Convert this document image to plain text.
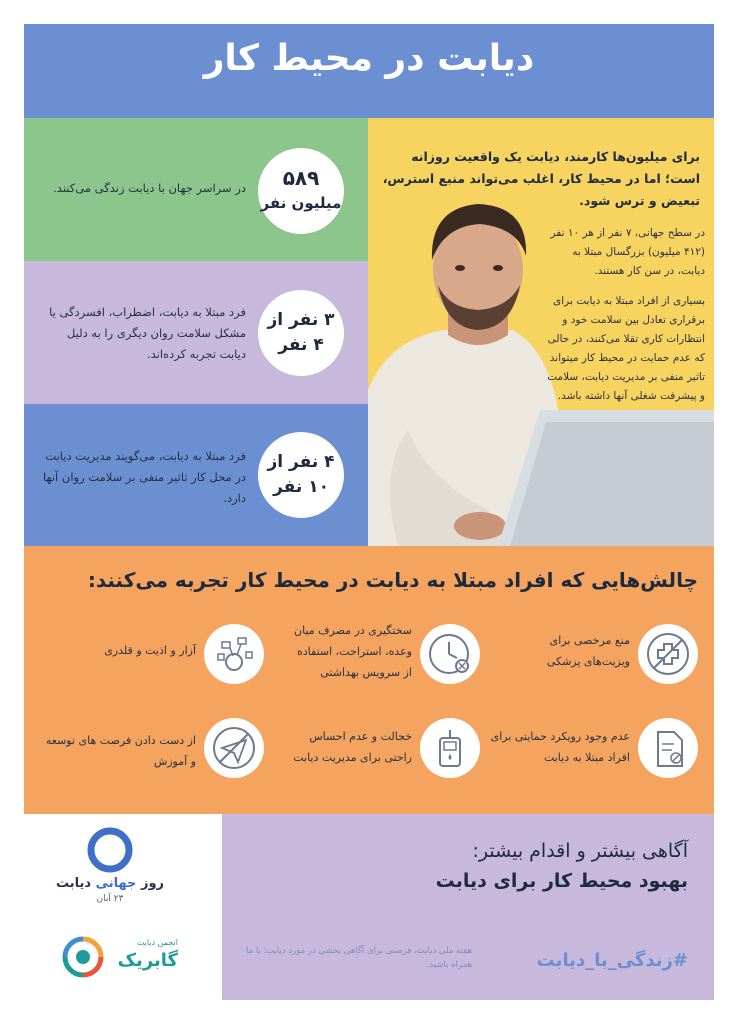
دیابت در محیط کار
۵۸۹
میلیون نفر

در سراسر جهان با دیابت زندگی می‌کنند.

۳ نفر از
۴ نفر

فرد مبتلا به دیابت، اضطراب، افسردگی یا مشکل سلامت روان دیگری را به دلیل دیابت تجربه کرده‌اند.

۴ نفر از
۱۰ نفر

فرد مبتلا به دیابت، می‌گویند مدیریت دیابت در محل کار تاثیر منفی بر سلامت روان آنها دارد.

برای میلیون‌ها کارمند، دیابت یک واقعیت روزانه است؛ اما در محیط کار، اغلب می‌تواند منبع استرس، تبعیض و ترس شود.

در سطح جهانی، ۷ نفر از هر ۱۰ نفر (۴۱۲ میلیون) بزرگسال مبتلا به دیابت، در سن کار هستند.

بسیاری از افراد مبتلا به دیابت برای برقراری تعادل بین سلامت خود و انتظارات کاری تقلا می‌کنند، در حالی که عدم حمایت در محیط کار میتواند تاثیر منفی بر مدیریت دیابت، سلامت و پیشرفت شغلی آنها داشته باشد.

چالش‌هایی که افراد مبتلا به دیابت در محیط کار تجربه می‌کنند:

منع مرخصی برای ویزیت‌های پزشکی

سختگیری در مصرف میان وعده، استراحت، استفاده از سرویس بهداشتی

آزار و اذیت و قلدری

عدم وجود رویکرد حمایتی برای افراد مبتلا به دیابت

خجالت و عدم احساس راحتی برای مدیریت دیابت

از دست دادن فرصت های توسعه و آموزش

آگاهی بیشتر و اقدام بیشتر:
بهبود محیط کار برای دیابت
#زندگی_با_دیابت

هفته ملی دیابت، فرصتی برای آگاهی بخشی در مورد دیابت؛ با ما همراه باشید.

روز جهانی دیابت
۲۳ آبان
انجمن دیابت
گابریک
